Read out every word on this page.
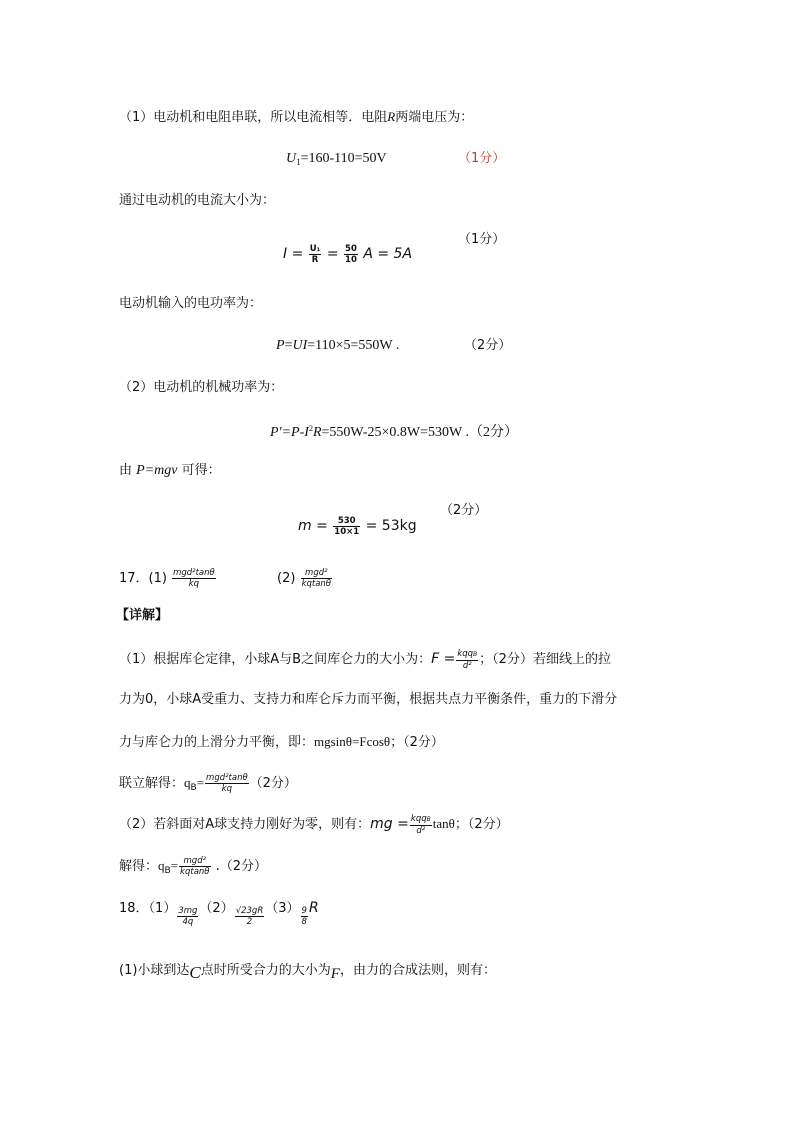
（1）电动机和电阻串联，所以电流相等．电阻R两端电压为：
$U_1=160-110=50V$	（1分）
通过电动机的电流大小为：
$I = \frac{\text{U₁}}{R} = \frac{50}{10}$ A = 5A
（1分）
电动机输入的电功率为：
P=UI=110×5=550W .	（2分）
（2）电动机的机械功率为：
$P'=P-I^2R=550W-25\times 0.8W=530W$ .（2分）
由 P=mgv 可得：
$m = \frac{530}{10\times 1} = 53kg$
（2分）
17．$(1) \frac{\text{mgd²tanθ}}{kq}$	$(2) \frac{\text{mgd²}}{kqtan\theta}$
【详解】
（1）根据库仑定律，小球A与B之间库仑力的大小为：$F = \frac{\text{kqqB}}{\text{d²}}$ ；（2分）若细线上的拉
力为0，小球A受重力、支持力和库仑斥力而平衡，根据共点力平衡条件，重力的下滑分
力与库仑力的上滑分力平衡，即：mgsinθ=Fcosθ；（2分）
联立解得：$q_B= \frac{\text{mgd²tanθ}}{kq} (2$分）
（2）若斜面对A球支持力刚好为零，则有：mg = $\frac{\text{kqqB}}{\text{d²}}$ tanθ；（2分）
解得：$q_B= \frac{\text{mgd²}}{kqtan\theta} .(2$分）
18．$(1) \frac{3mg}{4q} (2) \frac{√23gR}{2} (3) \frac{9}{8}$ R
(1)小球到达C点时所受合力的大小为F，由力的合成法则，则有：
